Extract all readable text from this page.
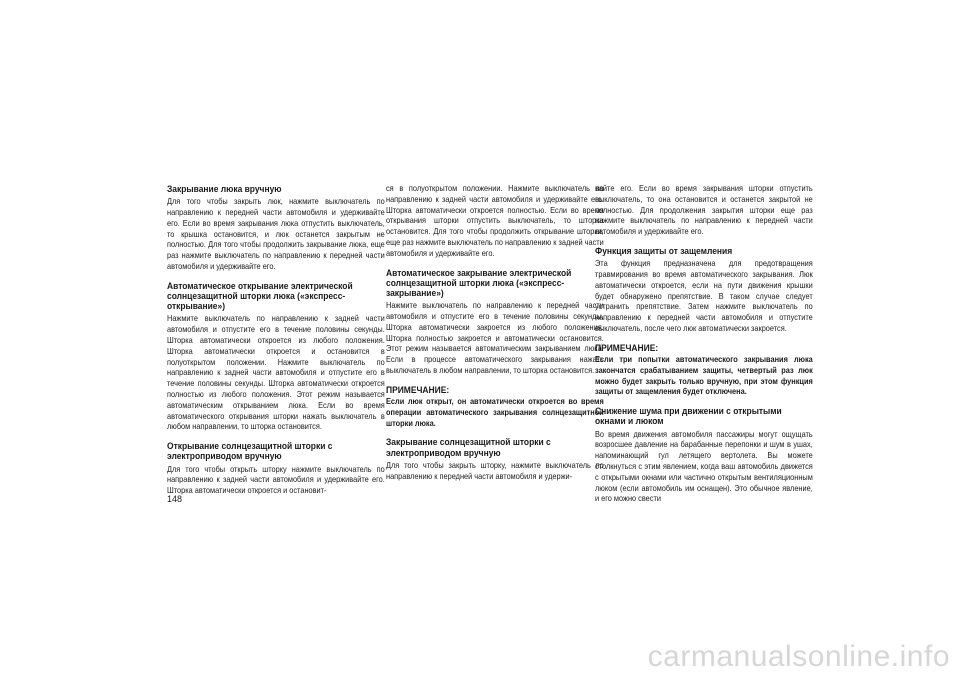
Закрывание люка вручную

Для того чтобы закрыть люк, нажмите выключатель по направлению к передней части автомобиля и удерживайте его. Если во время закрывания люка отпустить выключатель, то крышка остановится, и люк останется закрытым не полностью. Для того чтобы продолжить закрывание люка, еще раз нажмите выключатель по направлению к передней части автомобиля и удерживайте его.

Автоматическое открывание электрической солнцезащитной шторки люка («экспресс-открывание»)

Нажмите выключатель по направлению к задней части автомобиля и отпустите его в течение половины секунды. Шторка автоматически откроется из любого положения. Шторка автоматически откроется и остановится в полуоткрытом положении. Нажмите выключатель по направлению к задней части автомобиля и отпустите его в течение половины секунды. Шторка автоматически откроется полностью из любого положения. Этот режим называется автоматическим открыванием люка. Если во время автоматического открывания шторки нажать выключатель в любом направлении, то шторка остановится.

Открывание солнцезащитной шторки с электроприводом вручную

Для того чтобы открыть шторку нажмите выключатель по направлению к задней части автомобиля и удерживайте его. Шторка автоматически откроется и остановит-

ся в полуоткрытом положении. Нажмите выключатель по направлению к задней части автомобиля и удерживайте его. Шторка автоматически откроется полностью. Если во время открывания шторки отпустить выключатель, то шторка остановится. Для того чтобы продолжить открывание шторки, еще раз нажмите выключатель по направлению к задней части автомобиля и удерживайте его.

Автоматическое закрывание электрической солнцезащитной шторки люка («экспресс-закрывание»)

Нажмите выключатель по направлению к передней части автомобиля и отпустите его в течение половины секунды. Шторка автоматически закроется из любого положения. Шторка полностью закроется и автоматически остановится. Этот режим называется автоматическим закрыванием люка. Если в процессе автоматического закрывания нажать выключатель в любом направлении, то шторка остановится.

ПРИМЕЧАНИЕ:

Если люк открыт, он автоматически откроется во время операции автоматического закрывания солнцезащитной шторки люка.

Закрывание солнцезащитной шторки с электроприводом вручную

Для того чтобы закрыть шторку, нажмите выключатель по направлению к передней части автомобиля и удержи-

вайте его. Если во время закрывания шторки отпустить выключатель, то она остановится и останется закрытой не полностью. Для продолжения закрытия шторки еще раз нажмите выключатель по направлению к передней части автомобиля и удерживайте его.

Функция защиты от защемления

Эта функция предназначена для предотвращения травмирования во время автоматического закрывания. Люк автоматически откроется, если на пути движения крышки будет обнаружено препятствие. В таком случае следует устранить препятствие. Затем нажмите выключатель по направлению к передней части автомобиля и отпустите выключатель, после чего люк автоматически закроется.

ПРИМЕЧАНИЕ:

Если три попытки автоматического закрывания люка закончатся срабатыванием защиты, четвертый раз люк можно будет закрыть только вручную, при этом функция защиты от защемления будет отключена.

Снижение шума при движении с открытыми окнами и люком

Во время движения автомобиля пассажиры могут ощущать возросшее давление на барабанные перепонки и шум в ушах, напоминающий гул летящего вертолета. Вы можете столкнуться с этим явлением, когда ваш автомобиль движется с открытыми окнами или частично открытым вентиляционным люком (если автомобиль им оснащен). Это обычное явление, и его можно свести

148
carmanualsonline.info
